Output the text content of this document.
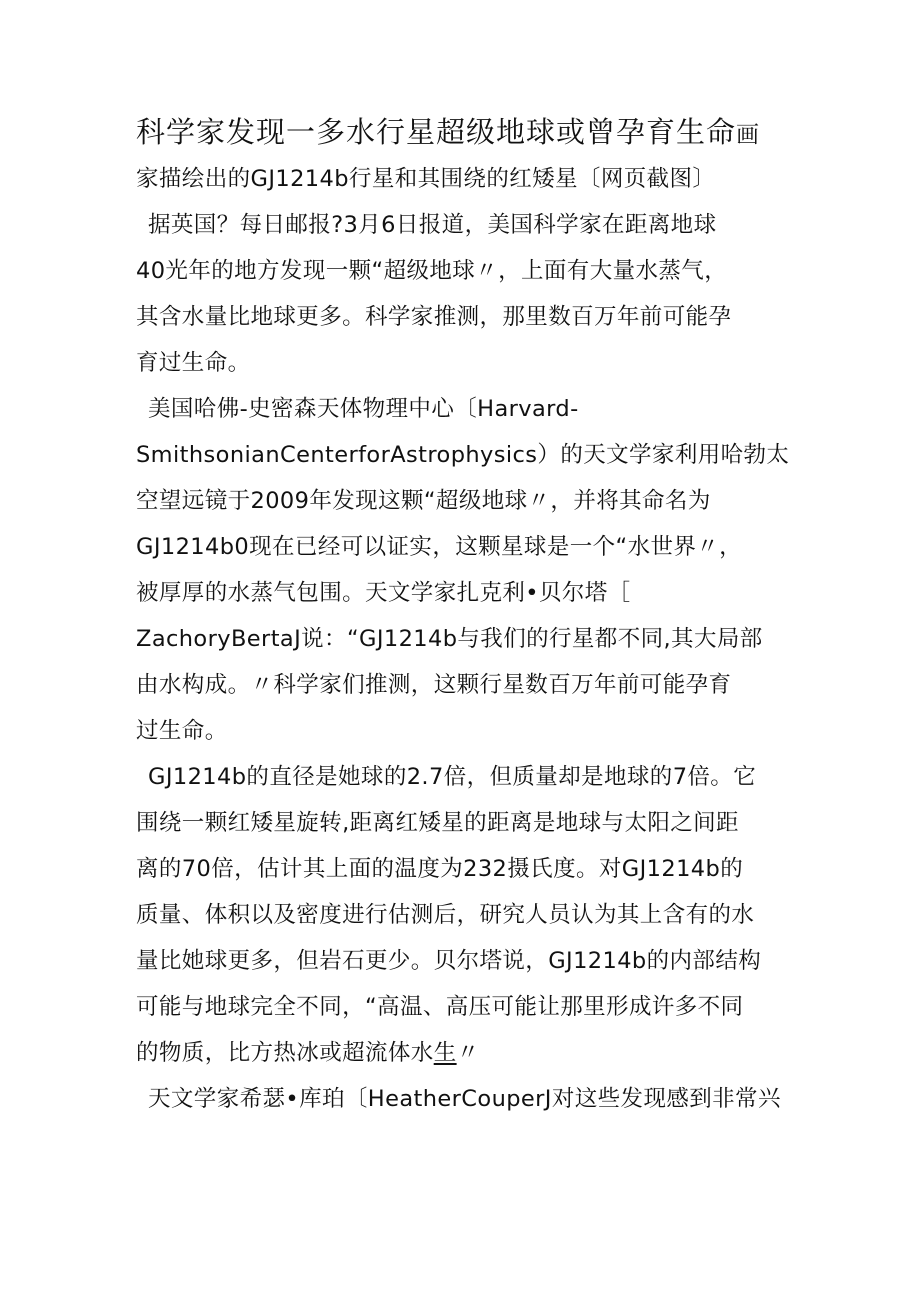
科学家发现一多水行星超级地球或曾孕育生命画
家描绘出的GJ1214b行星和其围绕的红矮星〔网页截图〕
据英国？每日邮报?3月6日报道，美国科学家在距离地球
40光年的地方发现一颗“超级地球〃，上面有大量水蒸气，
其含水量比地球更多。科学家推测，那里数百万年前可能孕
育过生命。
美国哈佛-史密森天体物理中心〔Harvard-
SmithsonianCenterforAstrophysics）的天文学家利用哈勃太
空望远镜于2009年发现这颗“超级地球〃，并将其命名为
GJ1214b0现在已经可以证实，这颗星球是一个“水世界〃，
被厚厚的水蒸气包围。天文学家扎克利•贝尔塔［
ZachoryBertaJ说：“GJ1214b与我们的行星都不同,其大局部
由水构成。〃科学家们推测，这颗行星数百万年前可能孕育
过生命。
GJ1214b的直径是她球的2.7倍，但质量却是地球的7倍。它
围绕一颗红矮星旋转,距离红矮星的距离是地球与太阳之间距
离的70倍，估计其上面的温度为232摄氏度。对GJ1214b的
质量、体积以及密度进行估测后，研究人员认为其上含有的水
量比她球更多，但岩石更少。贝尔塔说，GJ1214b的内部结构
可能与地球完全不同，“高温、高压可能让那里形成许多不同
的物质，比方热冰或超流体水生〃
天文学家希瑟•库珀〔HeatherCouperJ对这些发现感到非常兴
